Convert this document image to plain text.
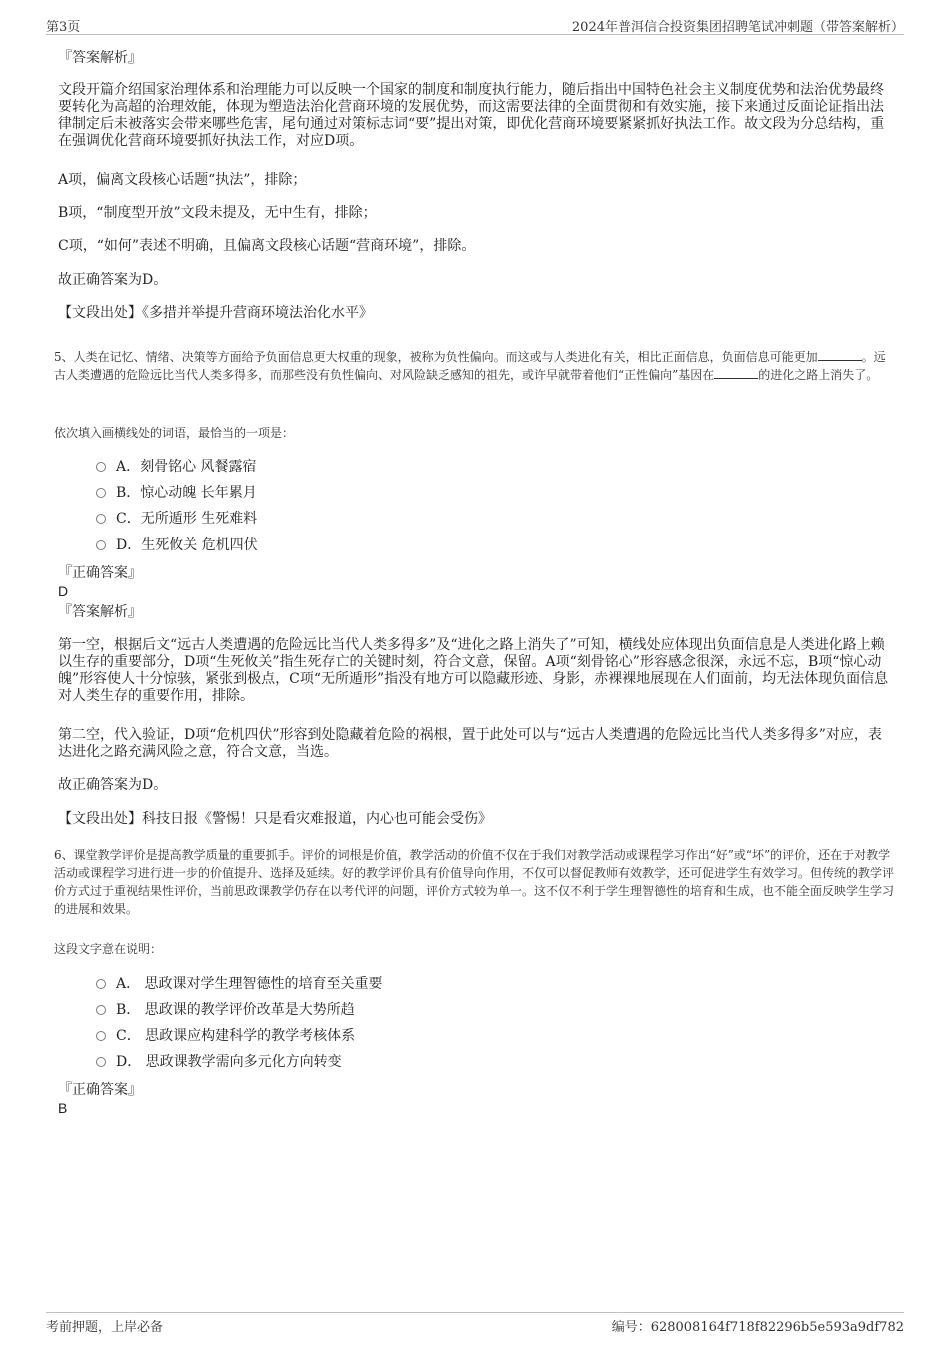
第3页	2024年普洱信合投资集团招聘笔试冲刺题（带答案解析）

『答案解析』

文段开篇介绍国家治理体系和治理能力可以反映一个国家的制度和制度执行能力，随后指出中国特色社会主义制度优势和法治优势最终要转化为高超的治理效能，体现为塑造法治化营商环境的发展优势，而这需要法律的全面贯彻和有效实施，接下来通过反面论证指出法律制定后未被落实会带来哪些危害，尾句通过对策标志词“要”提出对策，即优化营商环境要紧紧抓好执法工作。故文段为分总结构，重在强调优化营商环境要抓好执法工作，对应D项。

A项，偏离文段核心话题“执法”，排除；

B项，“制度型开放”文段未提及，无中生有，排除；

C项，“如何”表述不明确，且偏离文段核心话题“营商环境”，排除。

故正确答案为D。

【文段出处】《多措并举提升营商环境法治化水平》

5、人类在记忆、情绪、决策等方面给予负面信息更大权重的现象，被称为负性偏向。而这或与人类进化有关，相比正面信息，负面信息可能更加	。远古人类遭遇的危险远比当代人类多得多，而那些没有负性偏向、对风险缺乏感知的祖先，或许早就带着他们“正性偏向”基因在	的进化之路上消失了。

依次填入画横线处的词语，最恰当的一项是：

A．刻骨铭心 风餐露宿
B．惊心动魄 长年累月
C．无所遁形 生死难料
D．生死攸关 危机四伏

『正确答案』

D

『答案解析』

第一空，根据后文“远古人类遭遇的危险远比当代人类多得多”及“进化之路上消失了”可知，横线处应体现出负面信息是人类进化路上赖以生存的重要部分，D项“生死攸关”指生死存亡的关键时刻，符合文意，保留。A项“刻骨铭心”形容感念很深，永远不忘，B项“惊心动魄”形容使人十分惊骇，紧张到极点，C项“无所遁形”指没有地方可以隐藏形迹、身影，赤裸裸地展现在人们面前，均无法体现负面信息对人类生存的重要作用，排除。

第二空，代入验证，D项“危机四伏”形容到处隐藏着危险的祸根，置于此处可以与“远古人类遭遇的危险远比当代人类多得多”对应，表达进化之路充满风险之意，符合文意，当选。

故正确答案为D。

【文段出处】科技日报《警惕！只是看灾难报道，内心也可能会受伤》

6、课堂教学评价是提高教学质量的重要抓手。评价的词根是价值，教学活动的价值不仅在于我们对教学活动或课程学习作出“好”或“坏”的评价，还在于对教学活动或课程学习进行进一步的价值提升、选择及延续。好的教学评价具有价值导向作用，不仅可以督促教师有效教学，还可促进学生有效学习。但传统的教学评价方式过于重视结果性评价，当前思政课教学仍存在以考代评的问题，评价方式较为单一。这不仅不利于学生理智德性的培育和生成，也不能全面反映学生学习的进展和效果。

这段文字意在说明：

A． 思政课对学生理智德性的培育至关重要
B． 思政课的教学评价改革是大势所趋
C． 思政课应构建科学的教学考核体系
D． 思政课教学需向多元化方向转变

『正确答案』

B

考前押题，上岸必备	编号：628008164f718f82296b5e593a9df782
